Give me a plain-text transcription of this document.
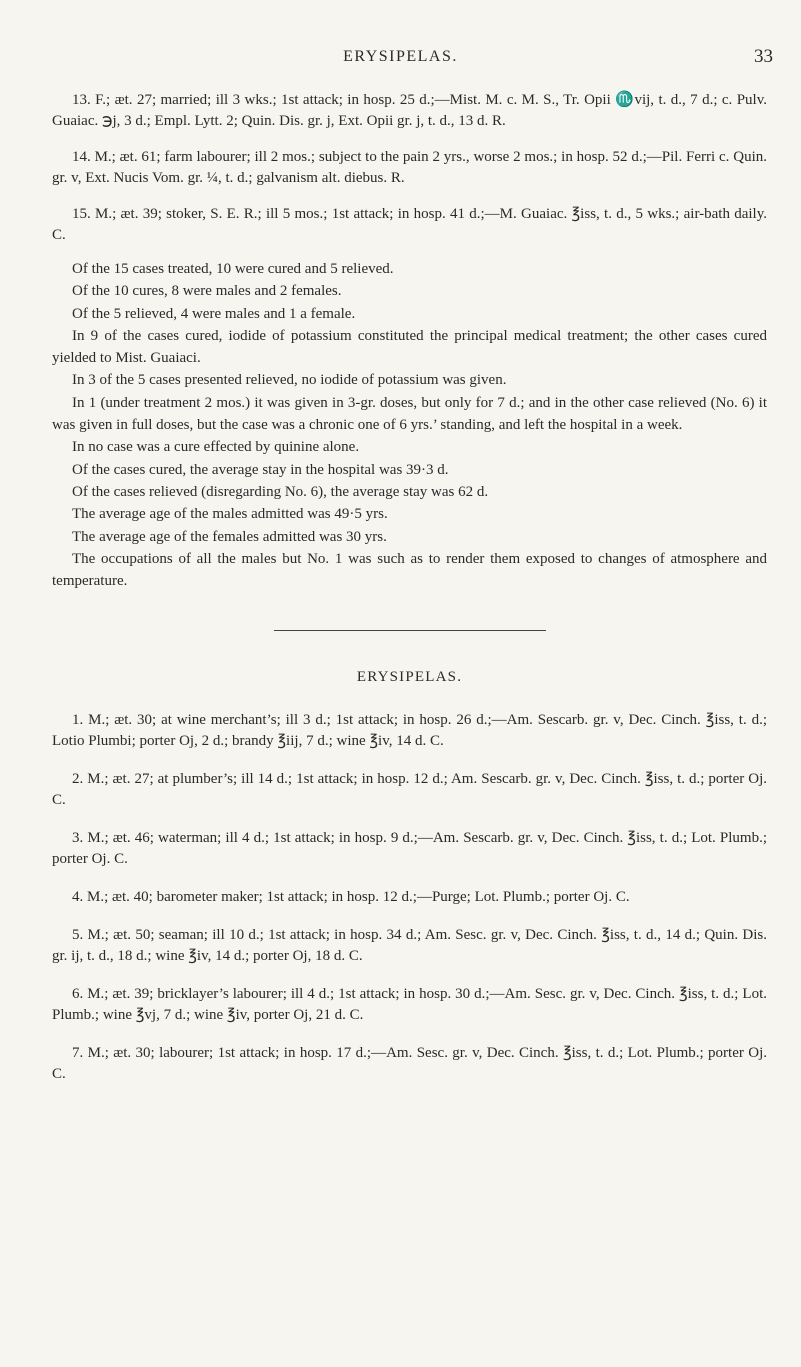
ERYSIPELAS.	33

13. F.; æt. 27; married; ill 3 wks.; 1st attack; in hosp. 25 d.;—Mist. M. c. M. S., Tr. Opii ♏vij, t. d., 7 d.; c. Pulv. Guaiac. ℈j, 3 d.; Empl. Lytt. 2; Quin. Dis. gr. j, Ext. Opii gr. j, t. d., 13 d. R.

14. M.; æt. 61; farm labourer; ill 2 mos.; subject to the pain 2 yrs., worse 2 mos.; in hosp. 52 d.;—Pil. Ferri c. Quin. gr. v, Ext. Nucis Vom. gr. ¼, t. d.; galvanism alt. diebus. R.

15. M.; æt. 39; stoker, S. E. R.; ill 5 mos.; 1st attack; in hosp. 41 d.;—M. Guaiac. ℥iss, t. d., 5 wks.; air-bath daily. C.

Of the 15 cases treated, 10 were cured and 5 relieved.

Of the 10 cures, 8 were males and 2 females.

Of the 5 relieved, 4 were males and 1 a female.

In 9 of the cases cured, iodide of potassium constituted the principal medical treatment; the other cases cured yielded to Mist. Guaiaci.

In 3 of the 5 cases presented relieved, no iodide of potassium was given.

In 1 (under treatment 2 mos.) it was given in 3-gr. doses, but only for 7 d.; and in the other case relieved (No. 6) it was given in full doses, but the case was a chronic one of 6 yrs.’ standing, and left the hospital in a week.

In no case was a cure effected by quinine alone.

Of the cases cured, the average stay in the hospital was 39·3 d.

Of the cases relieved (disregarding No. 6), the average stay was 62 d.

The average age of the males admitted was 49·5 yrs.

The average age of the females admitted was 30 yrs.

The occupations of all the males but No. 1 was such as to render them exposed to changes of atmosphere and temperature.

ERYSIPELAS.

1. M.; æt. 30; at wine merchant’s; ill 3 d.; 1st attack; in hosp. 26 d.;—Am. Sescarb. gr. v, Dec. Cinch. ℥iss, t. d.; Lotio Plumbi; porter Oj, 2 d.; brandy ℥iij, 7 d.; wine ℥iv, 14 d. C.

2. M.; æt. 27; at plumber’s; ill 14 d.; 1st attack; in hosp. 12 d.; Am. Sescarb. gr. v, Dec. Cinch. ℥iss, t. d.; porter Oj. C.

3. M.; æt. 46; waterman; ill 4 d.; 1st attack; in hosp. 9 d.;—Am. Sescarb. gr. v, Dec. Cinch. ℥iss, t. d.; Lot. Plumb.; porter Oj. C.

4. M.; æt. 40; barometer maker; 1st attack; in hosp. 12 d.;—Purge; Lot. Plumb.; porter Oj. C.

5. M.; æt. 50; seaman; ill 10 d.; 1st attack; in hosp. 34 d.; Am. Sesc. gr. v, Dec. Cinch. ℥iss, t. d., 14 d.; Quin. Dis. gr. ij, t. d., 18 d.; wine ℥iv, 14 d.; porter Oj, 18 d. C.

6. M.; æt. 39; bricklayer’s labourer; ill 4 d.; 1st attack; in hosp. 30 d.;—Am. Sesc. gr. v, Dec. Cinch. ℥iss, t. d.; Lot. Plumb.; wine ℥vj, 7 d.; wine ℥iv, porter Oj, 21 d. C.

7. M.; æt. 30; labourer; 1st attack; in hosp. 17 d.;—Am. Sesc. gr. v, Dec. Cinch. ℥iss, t. d.; Lot. Plumb.; porter Oj. C.
